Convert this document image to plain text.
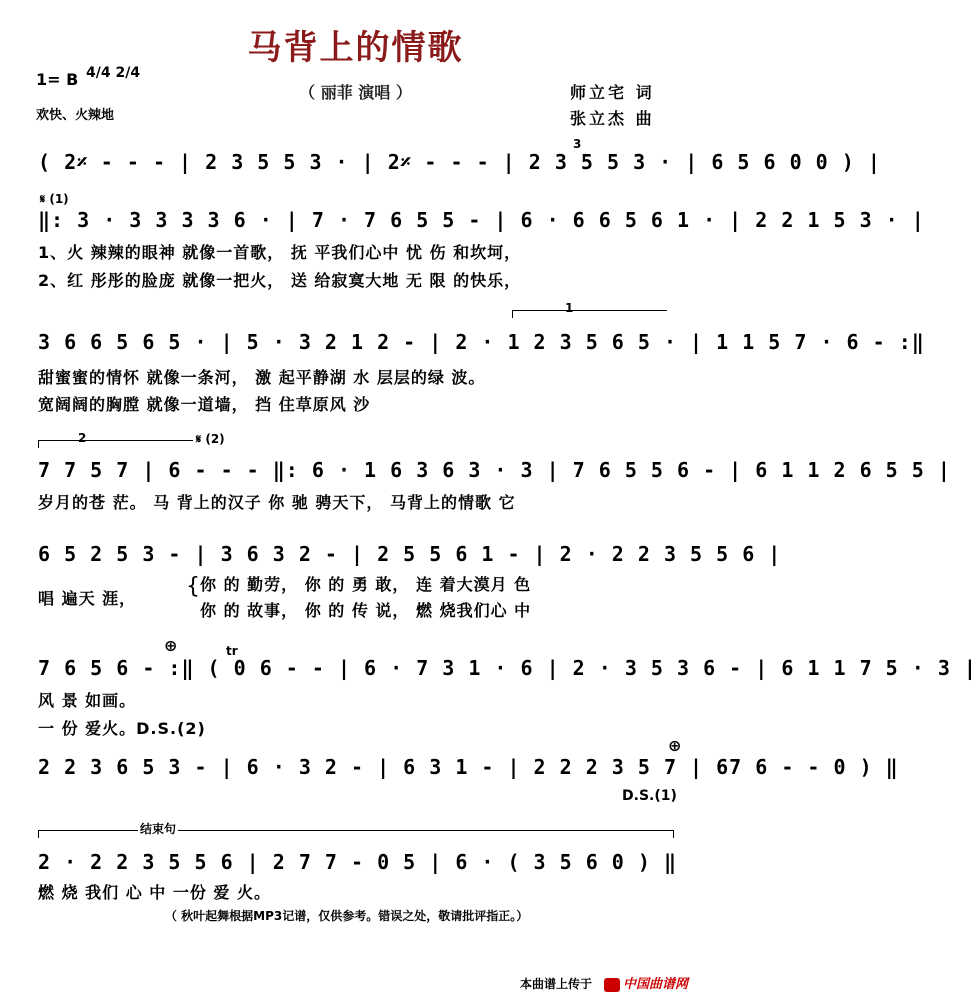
马背上的情歌
（ 丽菲 演唱 ）
1= B 4/4 2/4
欢快、火辣地
师立宅 词
张立杰 曲
3
( 2𝄎 - - - | 2 3 5 5 3 · | 2𝄎 - - - | 2 3 5 5 3 · | 6 5 6 0 0 ) |
𝄋 (1)
‖: 3 · 3 3 3 3 6 · | 7 · 7 6 5 5 - | 6 · 6 6 5 6 1 · | 2 2 1 5 3 · |
1、火 辣辣的眼神 就像一首歌， 抚 平我们心中 忧 伤 和坎坷，
2、红 彤彤的脸庞 就像一把火， 送 给寂寞大地 无 限 的快乐，
1
3 6 6 5 6 5 · | 5 · 3 2 1 2 - | 2 · 1 2 3 5 6 5 · | 1 1 5 7 · 6 - :‖
甜蜜蜜的情怀 就像一条河， 激 起平静湖 水 层层的绿 波。
宽阔阔的胸膛 就像一道墙， 挡 住草原风 沙
2	𝄋 (2)
7 7 5 7 | 6 - - - ‖: 6 · 1 6 3 6 3 · 3 | 7 6 5 5 6 - | 6 1 1 2 6 5 5 |
岁月的苍 茫。 马 背上的汉子 你 驰 骋天下， 马背上的情歌 它
6 5 2 5 3 - | 3 6 3 2 - | 2 5 5 6 1 - | 2 · 2 2 3 5 5 6 |
唱 遍天 涯， { 你 的 勤劳， 你 的 勇 敢， 连 着大漠月 色
你 的 故事， 你 的 传 说， 燃 烧我们心 中
⊕	tr
7 6 5 6 - :‖ ( 0 6 - - | 6 · 7 3 1 · 6 | 2 · 3 5 3 6 - | 6 1 1 7 5 · 3 |
风 景 如画。
一 份 爱火。D.S.(2)
⊕
2 2 3 6 5 3 - | 6 · 3 2 - | 6 3 1 - | 2 2 2 3 5 7 | 67 6 - - 0 ) ‖
D.S.(1)
结束句
2 · 2 2 3 5 5 6 | 2 7 7 - 0 5 | 6 · ( 3 5 6 0 ) ‖
燃 烧 我们 心 中 一份 爱 火。
（ 秋叶起舞根据MP3记谱，仅供参考。错误之处，敬请批评指正。）
本曲谱上传于	中国曲谱网
